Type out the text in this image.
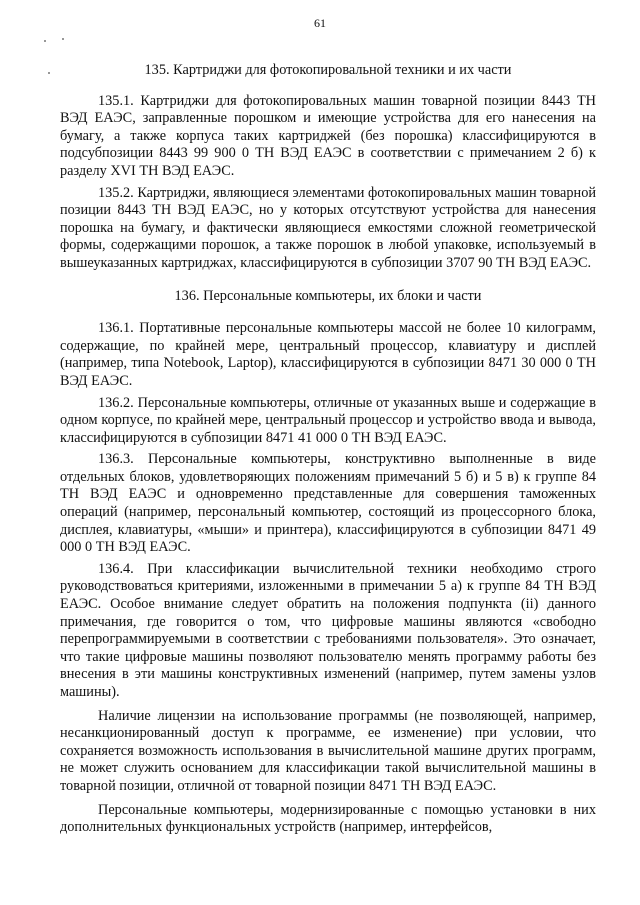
61
135. Картриджи для фотокопировальной техники и их части

135.1. Картриджи для фотокопировальных машин товарной позиции 8443 ТН ВЭД ЕАЭС, заправленные порошком и имеющие устройства для его нанесения на бумагу, а также корпуса таких картриджей (без порошка) классифицируются в подсубпозиции 8443 99 900 0 ТН ВЭД ЕАЭС в соответствии с примечанием 2 б) к разделу XVI ТН ВЭД ЕАЭС.

135.2. Картриджи, являющиеся элементами фотокопировальных машин товарной позиции 8443 ТН ВЭД ЕАЭС, но у которых отсутствуют устройства для нанесения порошка на бумагу, и фактически являющиеся емкостями сложной геометрической формы, содержащими порошок, а также порошок в любой упаковке, используемый в вышеуказанных картриджах, классифицируются в субпозиции 3707 90 ТН ВЭД ЕАЭС.

136. Персональные компьютеры, их блоки и части

136.1. Портативные персональные компьютеры массой не более 10 килограмм, содержащие, по крайней мере, центральный процессор, клавиатуру и дисплей (например, типа Notebook, Laptop), классифицируются в субпозиции 8471 30 000 0 ТН ВЭД ЕАЭС.

136.2. Персональные компьютеры, отличные от указанных выше и содержащие в одном корпусе, по крайней мере, центральный процессор и устройство ввода и вывода, классифицируются в субпозиции 8471 41 000 0 ТН ВЭД ЕАЭС.

136.3. Персональные компьютеры, конструктивно выполненные в виде отдельных блоков, удовлетворяющих положениям примечаний 5 б) и 5 в) к группе 84 ТН ВЭД ЕАЭС и одновременно представленные для совершения таможенных операций (например, персональный компьютер, состоящий из процессорного блока, дисплея, клавиатуры, «мыши» и принтера), классифицируются в субпозиции 8471 49 000 0 ТН ВЭД ЕАЭС.

136.4. При классификации вычислительной техники необходимо строго руководствоваться критериями, изложенными в примечании 5 а) к группе 84 ТН ВЭД ЕАЭС. Особое внимание следует обратить на положения подпункта (ii) данного примечания, где говорится о том, что цифровые машины являются «свободно перепрограммируемыми в соответствии с требованиями пользователя». Это означает, что такие цифровые машины позволяют пользователю менять программу работы без внесения в эти машины конструктивных изменений (например, путем замены узлов машины).

Наличие лицензии на использование программы (не позволяющей, например, несанкционированный доступ к программе, ее изменение) при условии, что сохраняется возможность использования в вычислительной машине других программ, не может служить основанием для классификации такой вычислительной машины в товарной позиции, отличной от товарной позиции 8471 ТН ВЭД ЕАЭС.

Персональные компьютеры, модернизированные с помощью установки в них дополнительных функциональных устройств (например, интерфейсов,
